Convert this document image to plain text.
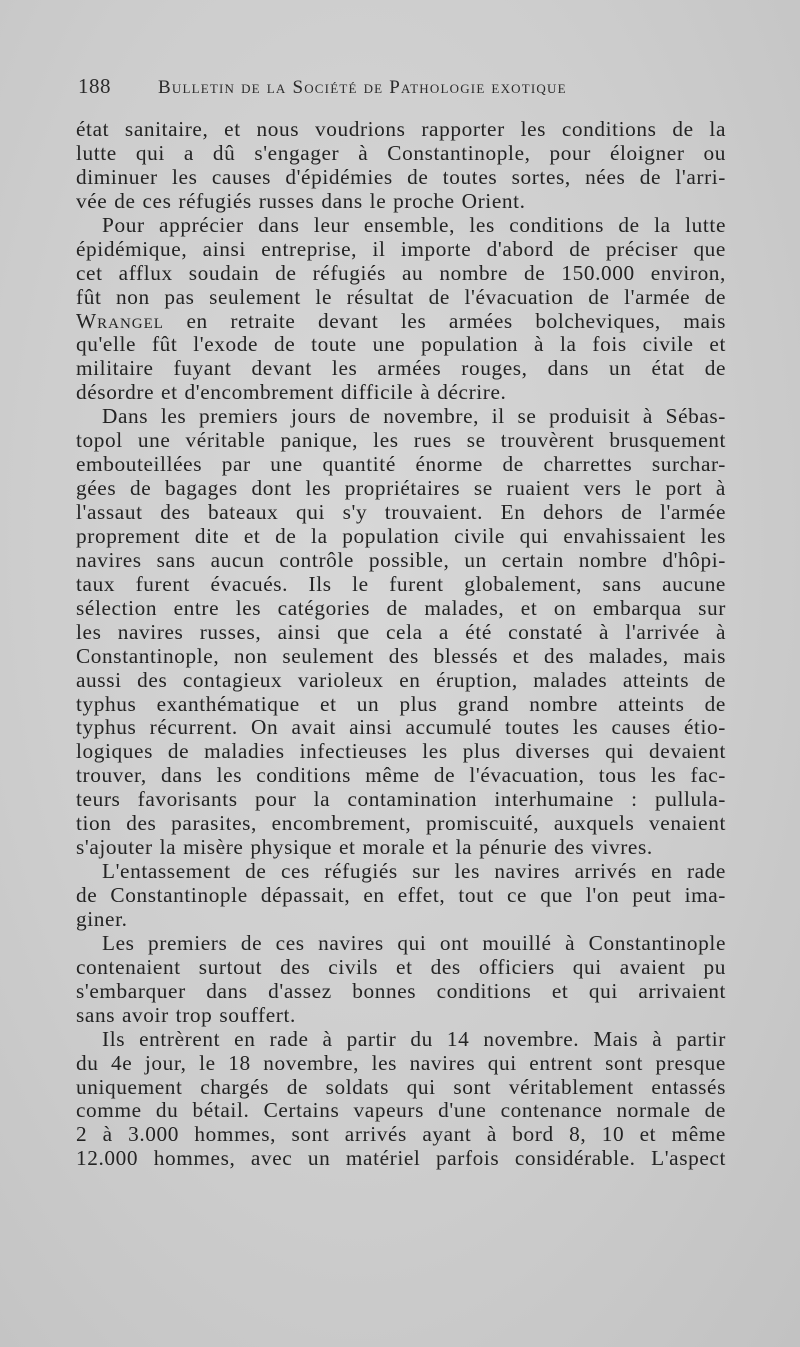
188 Bulletin de la Société de Pathologie exotique
état sanitaire, et nous voudrions rapporter les conditions de la
lutte qui a dû s'engager à Constantinople, pour éloigner ou
diminuer les causes d'épidémies de toutes sortes, nées de l'arri-
vée de ces réfugiés russes dans le proche Orient.
Pour apprécier dans leur ensemble, les conditions de la lutte
épidémique, ainsi entreprise, il importe d'abord de préciser que
cet afflux soudain de réfugiés au nombre de 150.000 environ,
fût non pas seulement le résultat de l'évacuation de l'armée de
Wrangel en retraite devant les armées bolcheviques, mais
qu'elle fût l'exode de toute une population à la fois civile et
militaire fuyant devant les armées rouges, dans un état de
désordre et d'encombrement difficile à décrire.
Dans les premiers jours de novembre, il se produisit à Sébas-
topol une véritable panique, les rues se trouvèrent brusquement
embouteillées par une quantité énorme de charrettes surchar-
gées de bagages dont les propriétaires se ruaient vers le port à
l'assaut des bateaux qui s'y trouvaient. En dehors de l'armée
proprement dite et de la population civile qui envahissaient les
navires sans aucun contrôle possible, un certain nombre d'hôpi-
taux furent évacués. Ils le furent globalement, sans aucune
sélection entre les catégories de malades, et on embarqua sur
les navires russes, ainsi que cela a été constaté à l'arrivée à
Constantinople, non seulement des blessés et des malades, mais
aussi des contagieux varioleux en éruption, malades atteints de
typhus exanthématique et un plus grand nombre atteints de
typhus récurrent. On avait ainsi accumulé toutes les causes étio-
logiques de maladies infectieuses les plus diverses qui devaient
trouver, dans les conditions même de l'évacuation, tous les fac-
teurs favorisants pour la contamination interhumaine : pullula-
tion des parasites, encombrement, promiscuité, auxquels venaient
s'ajouter la misère physique et morale et la pénurie des vivres.
L'entassement de ces réfugiés sur les navires arrivés en rade
de Constantinople dépassait, en effet, tout ce que l'on peut ima-
giner.
Les premiers de ces navires qui ont mouillé à Constantinople
contenaient surtout des civils et des officiers qui avaient pu
s'embarquer dans d'assez bonnes conditions et qui arrivaient
sans avoir trop souffert.
Ils entrèrent en rade à partir du 14 novembre. Mais à partir
du 4e jour, le 18 novembre, les navires qui entrent sont presque
uniquement chargés de soldats qui sont véritablement entassés
comme du bétail. Certains vapeurs d'une contenance normale de
2 à 3.000 hommes, sont arrivés ayant à bord 8, 10 et même
12.000 hommes, avec un matériel parfois considérable. L'aspect
